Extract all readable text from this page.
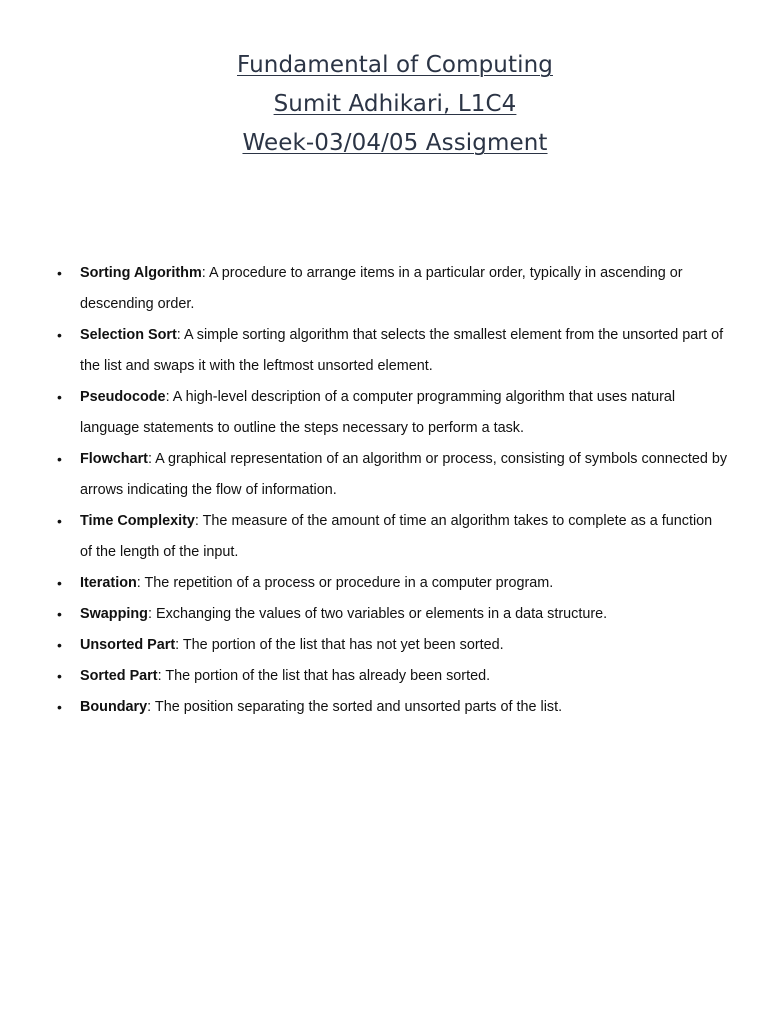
Fundamental of Computing
Sumit Adhikari, L1C4
Week-03/04/05 Assigment
• Sorting Algorithm: A procedure to arrange items in a particular order, typically in ascending or descending order.
• Selection Sort: A simple sorting algorithm that selects the smallest element from the unsorted part of the list and swaps it with the leftmost unsorted element.
• Pseudocode: A high-level description of a computer programming algorithm that uses natural language statements to outline the steps necessary to perform a task.
• Flowchart: A graphical representation of an algorithm or process, consisting of symbols connected by arrows indicating the flow of information.
• Time Complexity: The measure of the amount of time an algorithm takes to complete as a function of the length of the input.
• Iteration: The repetition of a process or procedure in a computer program.
• Swapping: Exchanging the values of two variables or elements in a data structure.
• Unsorted Part: The portion of the list that has not yet been sorted.
• Sorted Part: The portion of the list that has already been sorted.
• Boundary: The position separating the sorted and unsorted parts of the list.
